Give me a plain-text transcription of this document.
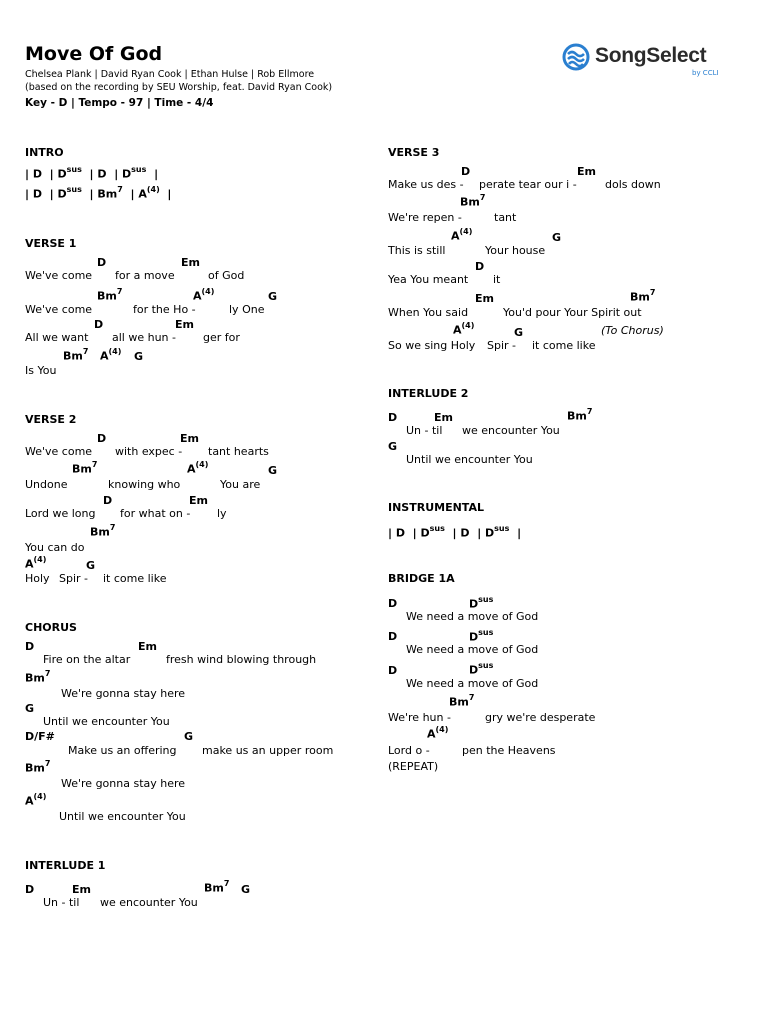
Move Of God
Chelsea Plank | David Ryan Cook | Ethan Hulse | Rob Ellmore
(based on the recording by SEU Worship, feat. David Ryan Cook)
Key - D | Tempo - 97 | Time - 4/4
SongSelect
by CCLI
INTRO
| D | $D^{sus}$ | D | $D^{sus}$ |
| D | $D^{sus}$ | Bm$^7$ | $A^{(4)}$ |
VERSE 1
D	Em
We've come for a move	of God
Bm$^7$	$A^{(4)}$	G
We've come	for the Ho -	ly One
D	Em
All we want all we hun - ger for
Bm$^7$ $A^{(4)}$ G
Is You
VERSE 2
D	Em
We've come with expec - tant hearts
Bm$^7$	$A^{(4)}$	G
Undone	knowing who	You are
D	Em
Lord we long for what on - ly
Bm$^7$
You can do
$A^{(4)}$	G
Holy Spir - it come like
CHORUS
D	Em
Fire on the altar	fresh wind blowing through
Bm$^7$
We're gonna stay here
G
Until we encounter You
D/F#	G
Make us an offering make us an upper room
Bm$^7$
We're gonna stay here
$A^{(4)}$
Until we encounter You
INTERLUDE 1
D	Em	Bm$^7$ G
Un - til we encounter You
VERSE 3
D	Em
Make us des - perate tear our i -	dols down
Bm$^7$
We're repen -	tant
$A^{(4)}$	G
This is still	Your house
D
Yea You meant it
Em	Bm$^7$
When You said	You'd pour Your Spirit out
$A^{(4)}$
G	(To Chorus)
So we sing Holy Spir - it come like
INTERLUDE 2
D	Em	Bm$^7$
Un - til we encounter You
G
Until we encounter You
INSTRUMENTAL
| D | $D^{sus}$ | D | $D^{sus}$ |
BRIDGE 1A
D	$D^{sus}$
We need a move of God
D	$D^{sus}$
We need a move of God
D	$D^{sus}$
We need a move of God
Bm$^7$
We're hun -	gry we're desperate
$A^{(4)}$
Lord o -	pen the Heavens
(REPEAT)
